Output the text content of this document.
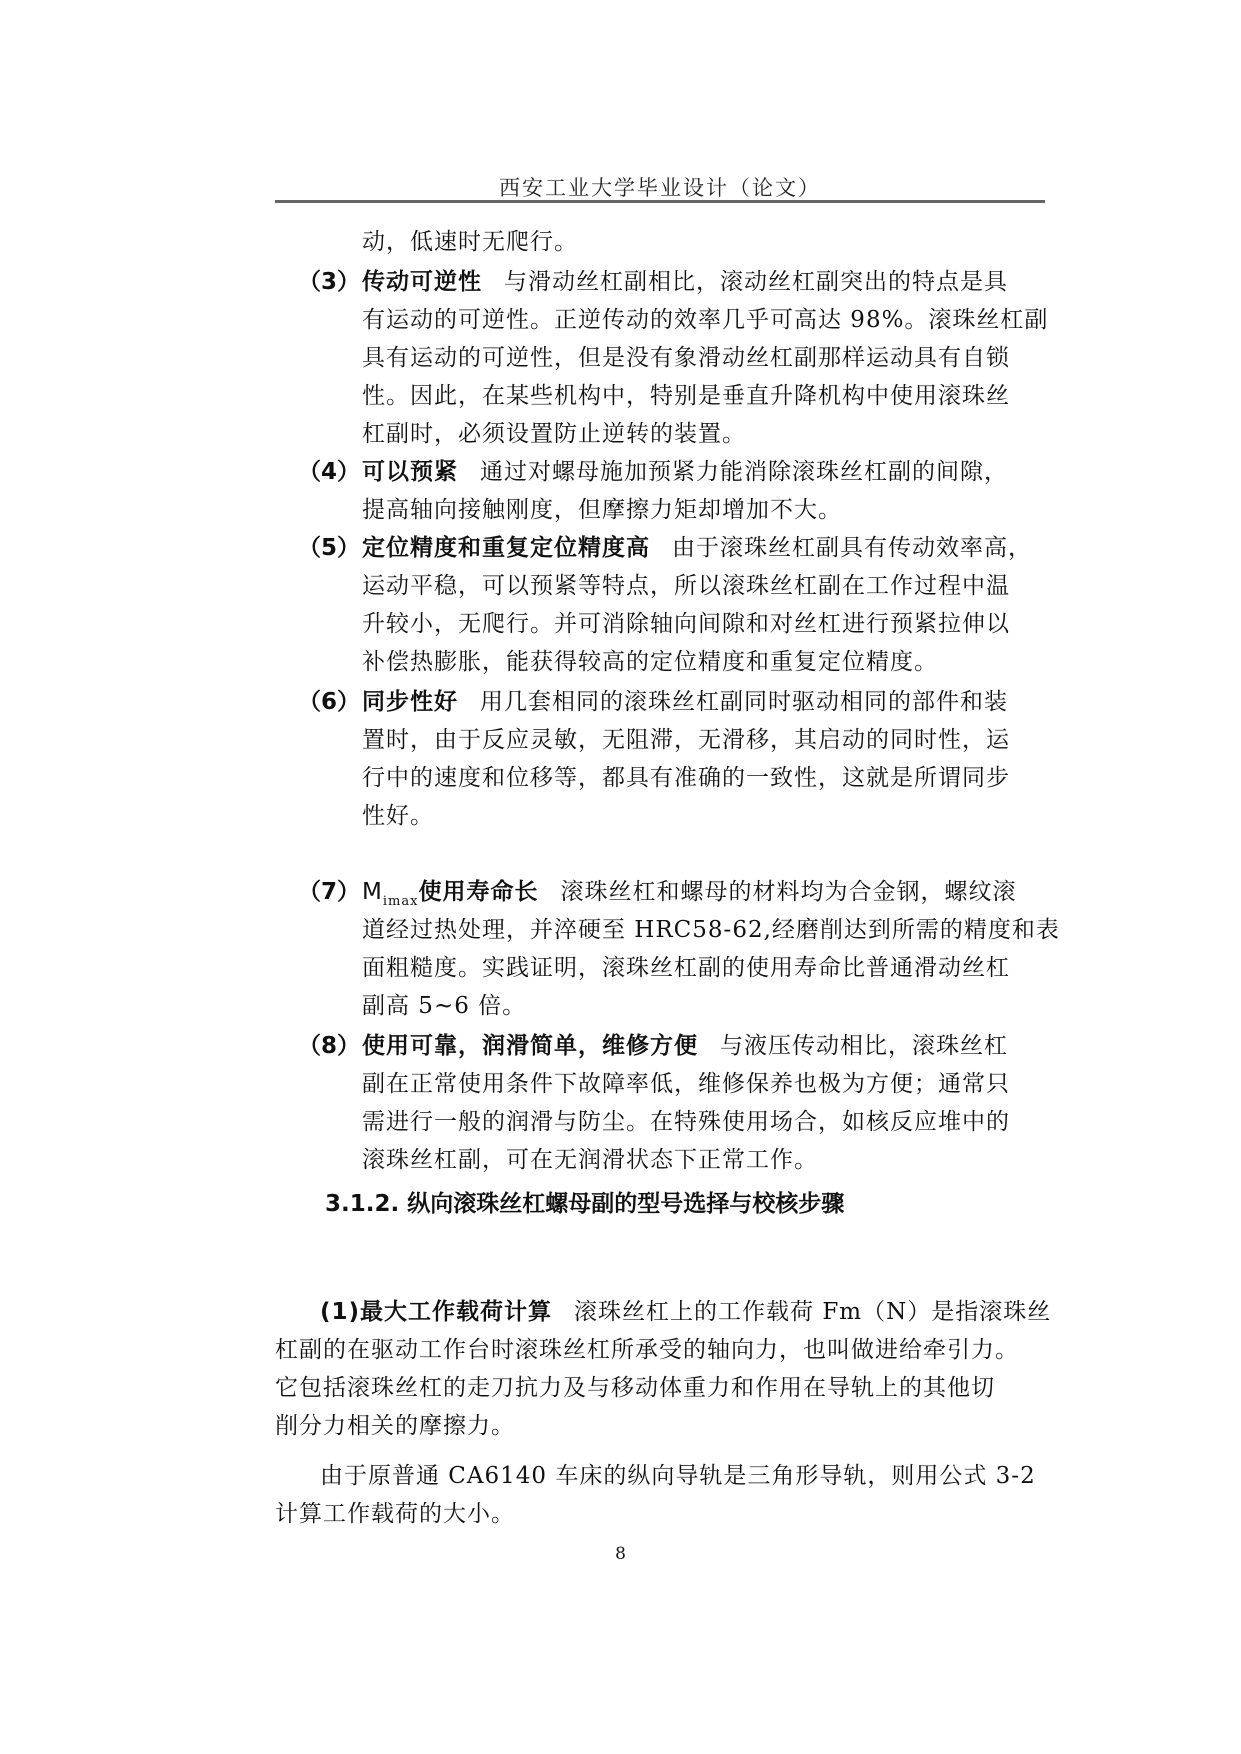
西安工业大学毕业设计（论文）
动，低速时无爬行。
（3） 传动可逆性 与滑动丝杠副相比，滚动丝杠副突出的特点是具
有运动的可逆性。正逆传动的效率几乎可高达 98%。滚珠丝杠副
具有运动的可逆性，但是没有象滑动丝杠副那样运动具有自锁
性。因此，在某些机构中，特别是垂直升降机构中使用滚珠丝
杠副时，必须设置防止逆转的装置。
（4） 可以预紧 通过对螺母施加预紧力能消除滚珠丝杠副的间隙，
提高轴向接触刚度，但摩擦力矩却增加不大。
（5） 定位精度和重复定位精度高 由于滚珠丝杠副具有传动效率高，
运动平稳，可以预紧等特点，所以滚珠丝杠副在工作过程中温
升较小，无爬行。并可消除轴向间隙和对丝杠进行预紧拉伸以
补偿热膨胀，能获得较高的定位精度和重复定位精度。
（6） 同步性好 用几套相同的滚珠丝杠副同时驱动相同的部件和装
置时，由于反应灵敏，无阻滞，无滑移，其启动的同时性，运
行中的速度和位移等，都具有准确的一致性，这就是所谓同步
性好。
（7） $M_{imax}$使用寿命长 滚珠丝杠和螺母的材料均为合金钢，螺纹滚
道经过热处理，并淬硬至 HRC58-62,经磨削达到所需的精度和表
面粗糙度。实践证明，滚珠丝杠副的使用寿命比普通滑动丝杠
副高 5~6 倍。
（8） 使用可靠，润滑简单，维修方便 与液压传动相比，滚珠丝杠
副在正常使用条件下故障率低，维修保养也极为方便；通常只
需进行一般的润滑与防尘。在特殊使用场合，如核反应堆中的
滚珠丝杠副，可在无润滑状态下正常工作。
3.1.2. 纵向滚珠丝杠螺母副的型号选择与校核步骤
(1)最大工作载荷计算 滚珠丝杠上的工作载荷 Fm（N）是指滚珠丝
杠副的在驱动工作台时滚珠丝杠所承受的轴向力，也叫做进给牵引力。
它包括滚珠丝杠的走刀抗力及与移动体重力和作用在导轨上的其他切
削分力相关的摩擦力。
由于原普通 CA6140 车床的纵向导轨是三角形导轨，则用公式 3-2
计算工作载荷的大小。
8
